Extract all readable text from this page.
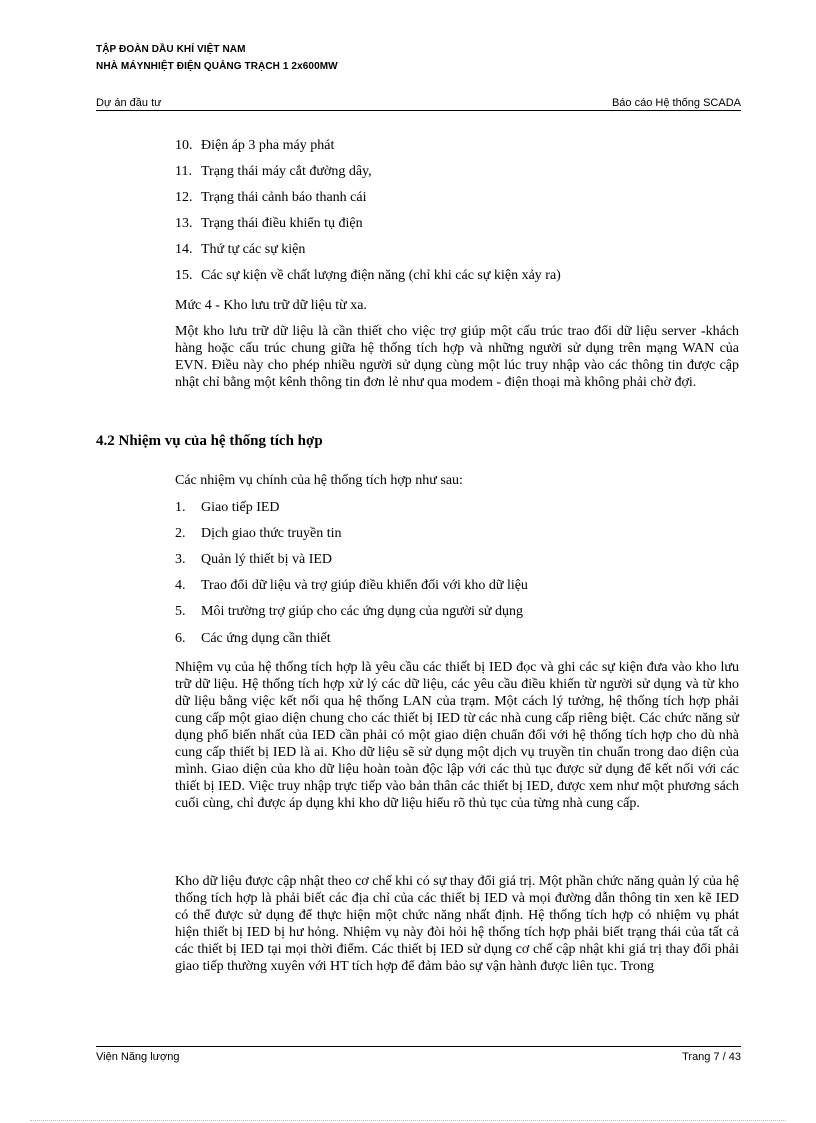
TẬP ĐOÀN DẦU KHÍ VIỆT NAM
NHÀ MÁYNHIỆT ĐIỆN QUẢNG TRẠCH 1 2x600MW
Dự án đầu tư	Báo cáo Hệ thống SCADA
10. Điện áp 3 pha máy phát
11. Trạng thái máy cắt đường dây,
12. Trạng thái cảnh báo thanh cái
13. Trạng thái điều khiển tụ điện
14. Thứ tự các sự kiện
15. Các sự kiện về chất lượng điện năng (chỉ khi các sự kiện xảy ra)
Mức 4 - Kho lưu trữ dữ liệu từ xa.
Một kho lưu trữ dữ liệu là cần thiết cho việc trợ giúp một cấu trúc trao đổi dữ liệu server -khách hàng hoặc cấu trúc chung giữa hệ thống tích hợp và những người sử dụng trên mạng WAN của EVN. Điều này cho phép nhiều người sử dụng cùng một lúc truy nhập vào các thông tin được cập nhật chỉ bằng một kênh thông tin đơn lẻ như qua modem - điện thoại mà không phải chờ đợi.
4.2 Nhiệm vụ của hệ thống tích hợp
Các nhiệm vụ chính của hệ thống tích hợp như sau:
1. Giao tiếp IED
2. Dịch giao thức truyền tin
3. Quản lý thiết bị và IED
4. Trao đổi dữ liệu và trợ giúp điều khiển đối với kho dữ liệu
5. Môi trường trợ giúp cho các ứng dụng của người sử dụng
6. Các ứng dụng cần thiết
Nhiệm vụ của hệ thống tích hợp là yêu cầu các thiết bị IED đọc và ghi các sự kiện đưa vào kho lưu trữ dữ liệu. Hệ thống tích hợp xử lý các dữ liệu, các yêu cầu điều khiển từ người sử dụng và từ kho dữ liệu bằng việc kết nối qua hệ thống LAN của trạm. Một cách lý tưởng, hệ thống tích hợp phải cung cấp một giao diện chung cho các thiết bị IED từ các nhà cung cấp riêng biệt. Các chức năng sử dụng phổ biến nhất của IED cần phải có một giao diện chuẩn đối với hệ thống tích hợp cho dù nhà cung cấp thiết bị IED là ai. Kho dữ liệu sẽ sử dụng một dịch vụ truyền tin chuẩn trong dao diện của mình. Giao diện của kho dữ liệu hoàn toàn độc lập với các thủ tục được sử dụng để kết nối với các thiết bị IED. Việc truy nhập trực tiếp vào bản thân các thiết bị IED, được xem như một phương sách cuối cùng, chỉ được áp dụng khi kho dữ liệu hiểu rõ thủ tục của từng nhà cung cấp.
Kho dữ liệu được cập nhật theo cơ chế khi có sự thay đổi giá trị. Một phần chức năng quản lý của hệ thống tích hợp là phải biết các địa chỉ của các thiết bị IED và mọi đường dẫn thông tin xen kẽ IED có thể được sử dụng để thực hiện một chức năng nhất định. Hệ thống tích hợp có nhiệm vụ phát hiện thiết bị IED bị hư hỏng. Nhiệm vụ này đòi hỏi hệ thống tích hợp phải biết trạng thái của tất cả các thiết bị IED tại mọi thời điểm. Các thiết bị IED sử dụng cơ chế cập nhật khi giá trị thay đổi phải giao tiếp thường xuyên với HT tích hợp để đảm bảo sự vận hành được liên tục. Trong
Viện Năng lượng	Trang 7 / 43
